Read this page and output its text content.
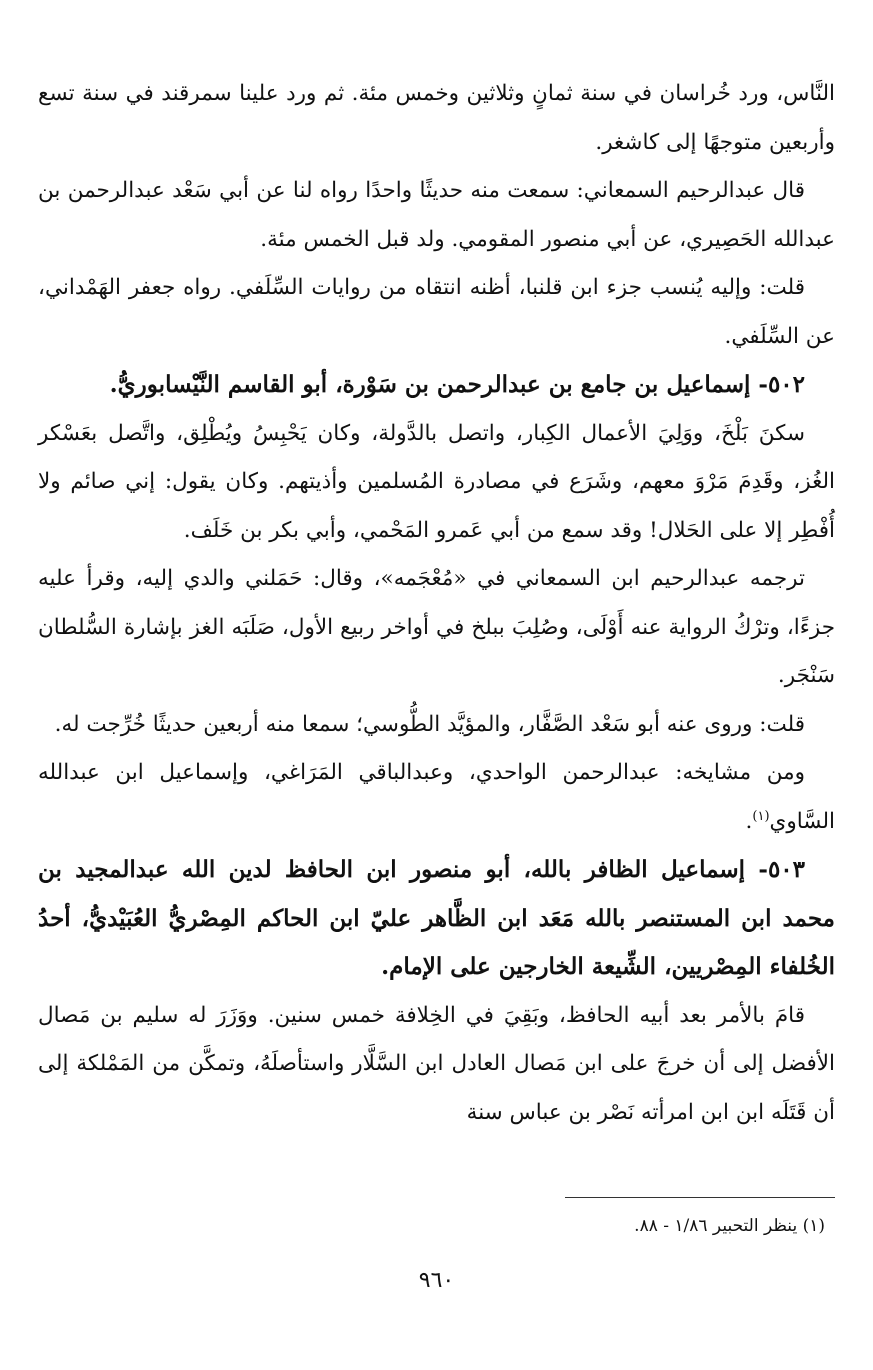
النَّاس، ورد خُراسان في سنة ثمانٍ وثلاثين وخمس مئة. ثم ورد علينا سمرقند في سنة تسع وأربعين متوجهًا إلى كاشغر.

قال عبدالرحيم السمعاني: سمعت منه حديثًا واحدًا رواه لنا عن أبي سَعْد عبدالرحمن بن عبدالله الحَصِيري، عن أبي منصور المقومي. ولد قبل الخمس مئة.

قلت: وإليه يُنسب جزء ابن قلنبا، أظنه انتقاه من روايات السِّلَفي. رواه جعفر الهَمْداني، عن السِّلَفي.

٥٠٢- إسماعيل بن جامع بن عبدالرحمن بن سَوْرة، أبو القاسم النَّيْسابوريُّ.

سكنَ بَلْخَ، ووَلِيَ الأعمال الكِبار، واتصل بالدَّولة، وكان يَحْبِسُ ويُطْلِق، واتَّصل بعَسْكر الغُز، وقَدِمَ مَرْوَ معهم، وشَرَع في مصادرة المُسلمين وأذيتهم. وكان يقول: إني صائم ولا أُفْطِر إلا على الحَلال! وقد سمع من أبي عَمرو المَحْمي، وأبي بكر بن خَلَف.

ترجمه عبدالرحيم ابن السمعاني في «مُعْجَمه»، وقال: حَمَلني والدي إليه، وقرأ عليه جزءًا، وترْكُ الرواية عنه أَوْلَى، وصُلِبَ ببلخ في أواخر ربيع الأول، صَلَبَه الغز بإشارة السُّلطان سَنْجَر.

قلت: وروى عنه أبو سَعْد الصَّفَّار، والمؤيَّد الطُّوسي؛ سمعا منه أربعين حديثًا خُرِّجت له.

ومن مشايخه: عبدالرحمن الواحدي، وعبدالباقي المَرَاغي، وإسماعيل ابن عبدالله السَّاوي$^{(١)}$.

٥٠٣- إسماعيل الظافر بالله، أبو منصور ابن الحافظ لدين الله عبدالمجيد بن محمد ابن المستنصر بالله مَعَد ابن الظَّاهر عليّ ابن الحاكم المِصْريُّ العُبَيْديُّ، أحدُ الخُلفاء المِصْريين، الشِّيعة الخارجين على الإمام.

قامَ بالأمر بعد أبيه الحافظ، وبَقِيَ في الخِلافة خمس سنين. ووَزَرَ له سليم بن مَصال الأفضل إلى أن خرجَ على ابن مَصال العادل ابن السَّلَّار واستأصلَهُ، وتمكَّن من المَمْلكة إلى أن قَتَلَه ابن ابن امرأته نَصْر بن عباس سنة

(١) ينظر التحبير ١/٨٦ - ٨٨.
٩٦٠
